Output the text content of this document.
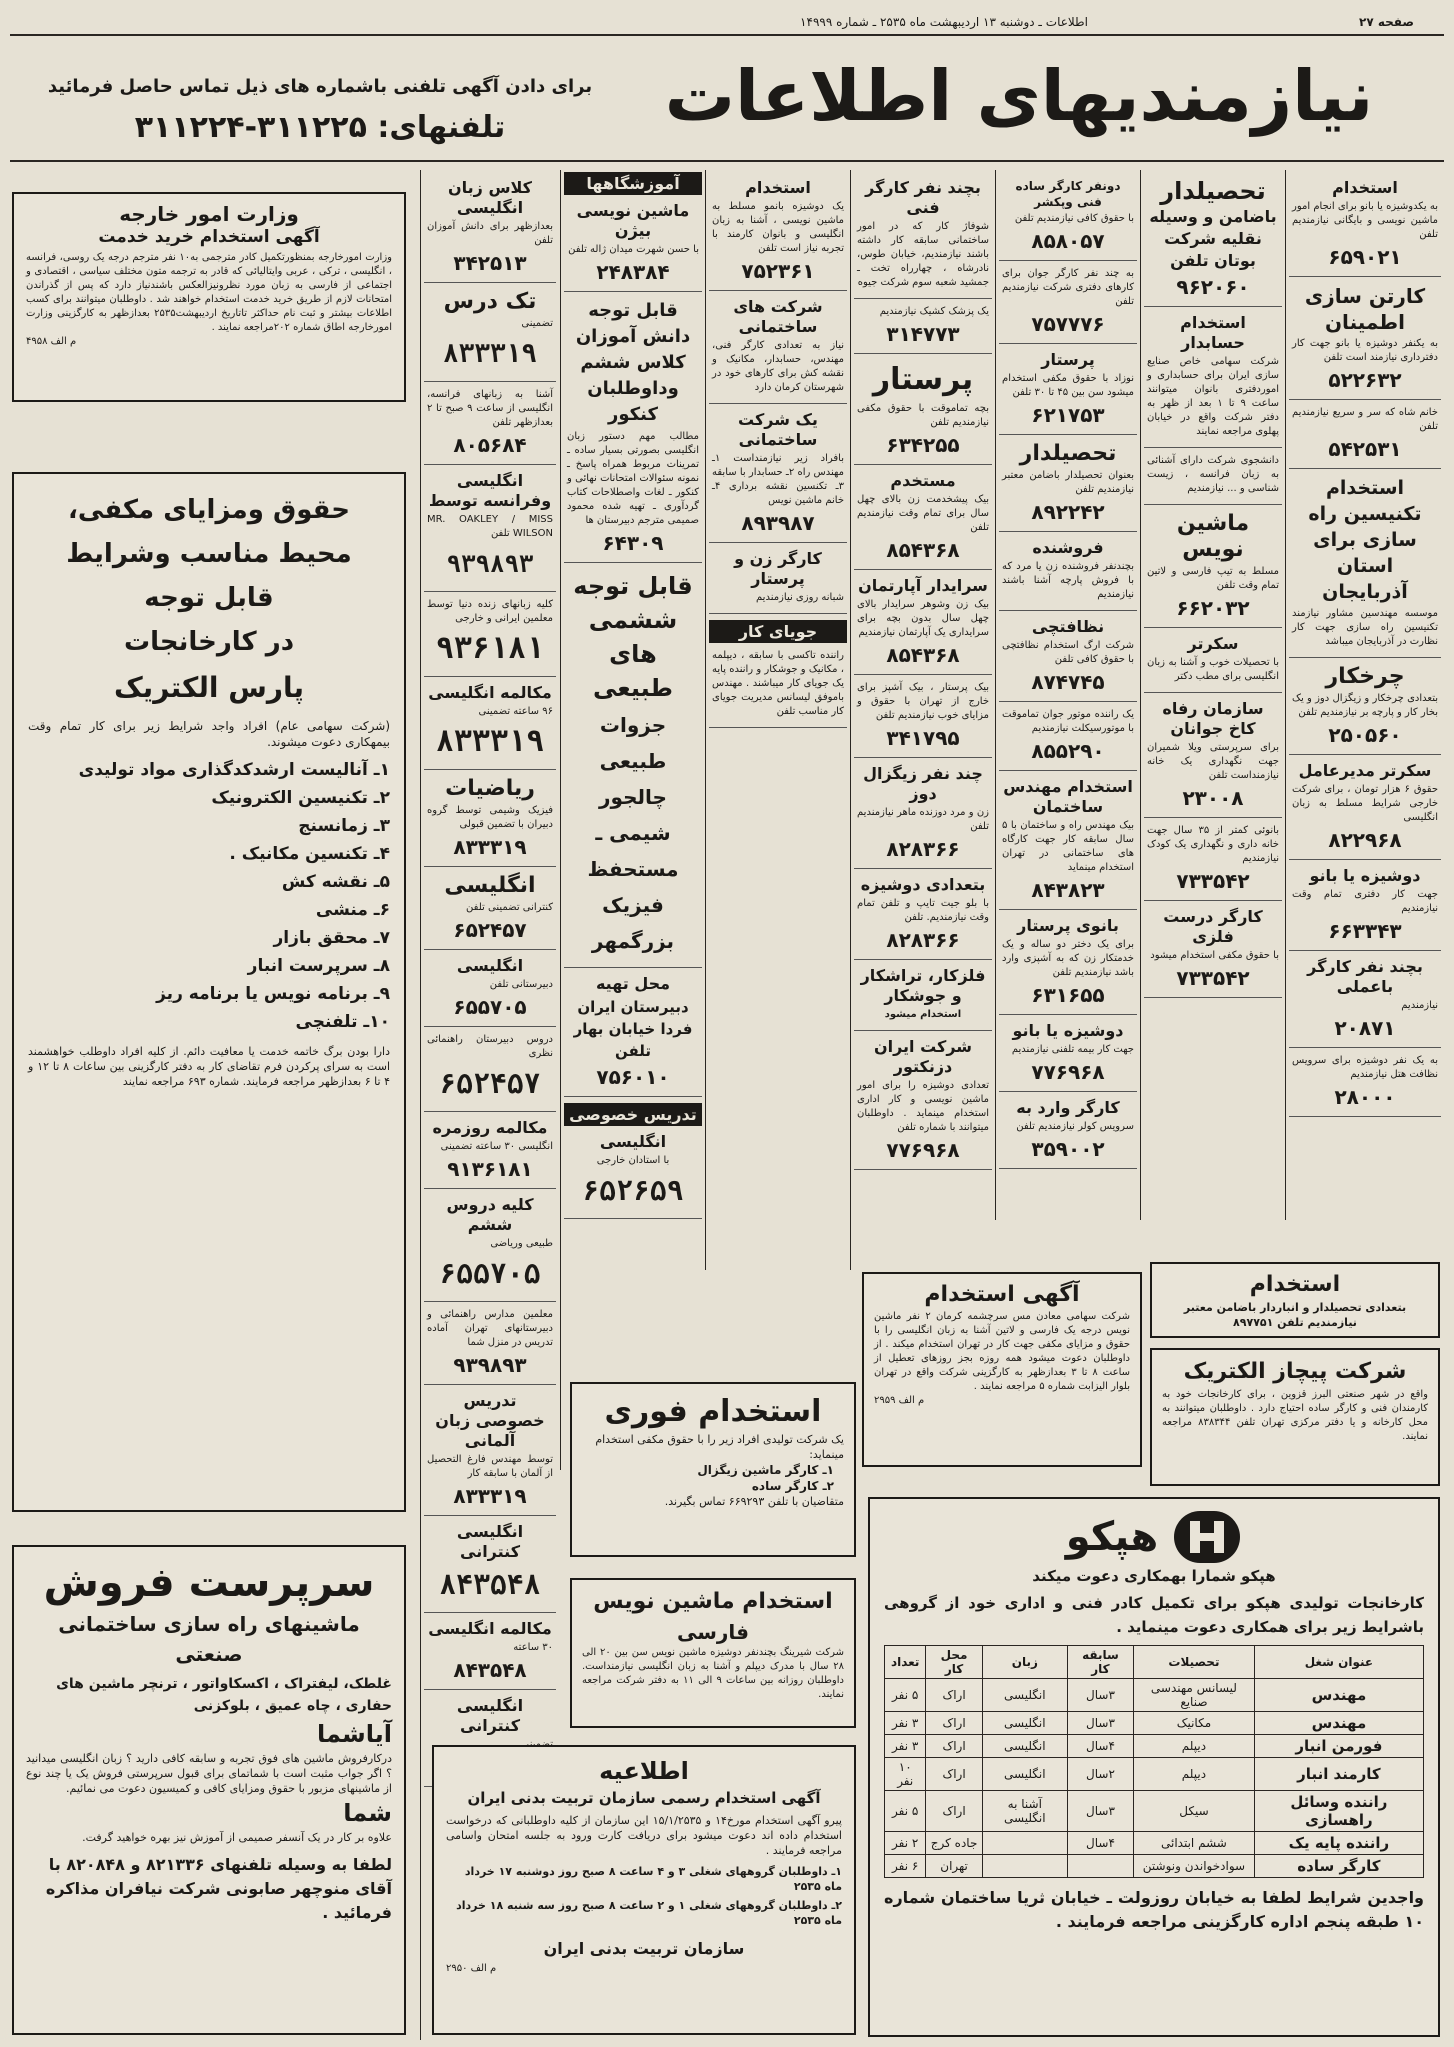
صفحه ۲۷
اطلاعات ـ دوشنبه ۱۳ اردیبهشت ماه ۲۵۳۵ ـ شماره ۱۴۹۹۹
نیازمندیهای اطلاعات
برای دادن آگهی تلفنی باشماره های ذیل تماس حاصل فرمائید
تلفنهای: ۳۱۱۲۲۵-۳۱۱۲۲۴
وزارت امور خارجه
آگهی استخدام خرید خدمت
وزارت امورخارجه بمنظورتکمیل کادر مترجمی به۱۰ نفر مترجم درجه یک روسی، فرانسه ، انگلیسی ، ترکی ، عربی وایتالیائی که قادر به ترجمه متون مختلف سیاسی ، اقتصادی و اجتماعی از فارسی به زبان مورد نظرونیزالعکس باشندنیاز دارد که پس از گذراندن امتحانات لازم از طریق خرید خدمت استخدام خواهند شد . داوطلبان میتوانند برای کسب اطلاعات بیشتر و ثبت نام حداکثر تاتاریخ اردیبهشت۲۵۳۵ بعدازظهر به کارگزینی وزارت امورخارجه اطاق شماره ۲۰۲مراجعه نمایند .
م الف ۴۹۵۸
حقوق ومزایای مکفی،
محیط مناسب وشرایط
قابل توجه
در کارخانجات
پارس الکتریک
(شرکت سهامی عام) افراد واجد شرایط زیر برای کار تمام وقت بیمهکاری دعوت میشوند.
۱ـ آنالیست ارشدکدگذاری مواد تولیدی
۲ـ تکنیسین الکترونیک
۳ـ زمانسنج
۴ـ تکنسین مکانیک .
۵ـ نقشه کش
۶ـ منشی
۷ـ محقق بازار
۸ـ سرپرست انبار
۹ـ برنامه نویس یا برنامه ریز
۱۰ـ تلفنچی
دارا بودن برگ خاتمه خدمت یا معافیت دائم. از کلیه افراد داوطلب خواهشمند است به سرای پرکردن فرم تقاضای کار به دفتر کارگزینی بین ساعات ۸ تا ۱۲ و ۴ تا ۶ بعدازظهر مراجعه فرمایند. شماره ۶۹۳ مراجعه نمایند
سرپرست فروش
ماشینهای راه سازی ساختمانی صنعتی
غلطک، لیفتراک ، اکسکاواتور ، ترنچر ماشین های حفاری ، چاه عمیق ، بلوکزنی
آیاشما
درکارفروش ماشین های فوق تجربه و سابقه کافی دارید ؟ زبان انگلیسی میدانید ؟ اگر جواب مثبت است با شماتمای برای قبول سرپرستی فروش یک یا چند نوع از ماشینهای مزبور با حقوق ومزایای کافی و کمیسیون دعوت می نمائیم.
شما
علاوه بر کار در یک آنسفر صمیمی از آموزش نیز بهره خواهید گرفت.
لطفا به وسیله تلفنهای ۸۲۱۳۳۶ و ۸۲۰۸۴۸ با آقای منوچهر صابونی شرکت نیافران مذاکره فرمائید .
کلاس زبان انگلیسی

بعدازظهر برای دانش آموزان تلفن

۳۴۲۵۱۳
تک درس

تضمینی

۸۳۳۳۱۹

آشنا به زبانهای فرانسه، انگلیسی از ساعت ۹ صبح تا ۲ بعدازظهر تلفن

۸۰۵۶۸۴
انگلیسی وفرانسه توسط

MR. OAKLEY / MISS WILSON تلفن

۹۳۹۸۹۳

کلیه زبانهای زنده دنیا توسط معلمین ایرانی و خارجی

۹۳۶۱۸۱
مکالمه انگلیسی

۹۶ ساعته تضمینی

۸۳۳۳۱۹
ریاضیات

فیزیک وشیمی توسط گروه دبیران با تضمین قبولی

۸۳۳۳۱۹
انگلیسی

کنترانی تضمینی تلفن

۶۵۲۴۵۷
انگلیسی

دبیرستانی تلفن

۶۵۵۷۰۵

دروس دبیرستان راهنمائی نظری

۶۵۲۴۵۷
مکالمه روزمره

انگلیسی ۳۰ ساعته تضمینی

۹۱۳۶۱۸۱
کلیه دروس ششم

طبیعی وریاضی

۶۵۵۷۰۵

معلمین مدارس راهنمائی و دبیرستانهای تهران آماده تدریس در منزل شما

۹۳۹۸۹۳
تدریس خصوصی زبان آلمانی

توسط مهندس فارغ التحصیل از آلمان با سابقه کار

۸۳۳۳۱۹
انگلیسی کنترانی
۸۴۳۵۴۸
مکالمه انگلیسی

۳۰ ساعته

۸۴۳۵۴۸
انگلیسی کنترانی

آموزشگاهها
ماشین نویسی بیژن

با حسن شهرت میدان ژاله تلفن

۲۴۸۳۸۴
قابل توجه دانش آموزان کلاس ششم وداوطلبان کنکور

مطالب مهم دستور زبان انگلیسی بصورتی بسیار ساده ـ تمرینات مربوط همراه پاسخ ـ نمونه سئوالات امتحانات نهائی و کنکور ـ لغات واصطلاحات کتاب گردآوری ـ تهیه شده محمود صمیمی مترجم دبیرستان ها

۶۴۳۰۹
قابل توجه ششمی های طبیعی

جزوات طبیعی چالجور شیمی ـ مستحفظ فیزیک بزرگمهر

محل تهیه

دبیرستان ایران فردا خیابان بهار تلفن

۷۵۶۰۱۰
تدریس خصوصی
انگلیسی

با استادان خارجی

۶۵۲۶۵۹
استخدام

یک دوشیزه بانمو مسلط به ماشین نویسی ، آشنا به زبان انگلیسی و بانوان کارمند با تجربه نیاز است تلفن

۷۵۲۳۶۱
شرکت های ساختمانی

نیاز به تعدادی کارگر فنی، مهندس، حسابدار، مکانیک و نقشه کش برای کارهای خود در شهرستان کرمان دارد

یک شرکت ساختمانی

بافراد زیر نیازمنداست ۱ـ مهندس راه ۲ـ حسابدار با سابقه ۳ـ تکنسین نقشه برداری ۴ـ خانم ماشین نویس

۸۹۳۹۸۷
کارگر زن و پرستار

شبانه روزی نیازمندیم

جویای کار

راننده تاکسی با سابقه ، دیپلمه ، مکانیک و جوشکار و راننده پایه یک جویای کار میباشند . مهندس باموفق لیسانس مدیریت جویای کار مناسب تلفن

بچند نفر کارگر فنی

شوفاژ کار که در امور ساختمانی سابقه کار داشته باشند نیازمندیم، خیابان طوس، نادرشاه ، چهارراه تخت ـ جمشید شعبه سوم شرکت جیوه

یک پزشک کشیک نیازمندیم

۳۱۴۷۷۳
پرستار

بچه تماموقت با حقوق مکفی نیازمندیم تلفن

۶۳۴۲۵۵
مستخدم

بیک پیشخدمت زن بالای چهل سال برای تمام وقت نیازمندیم تلفن

۸۵۴۳۶۸
سرایدار آپارتمان

بیک زن وشوهر سرایدار بالای چهل سال بدون بچه برای سرایداری یک آپارتمان نیازمندیم

۸۵۴۳۶۸

بیک پرستار ، بیک آشپز برای خارج از تهران با حقوق و مزایای خوب نیازمندیم تلفن

۳۴۱۷۹۵
چند نفر زیگزال دوز

زن و مرد دوزنده ماهر نیازمندیم تلفن

۸۲۸۳۶۶
بتعدادی دوشیزه

با بلو جیت تایپ و تلفن تمام وقت نیازمندیم. تلفن

۸۲۸۳۶۶
فلزکار، تراشکار و جوشکار

استخدام میشود

شرکت ایران دزنکتور

تعدادی دوشیزه را برای امور ماشین نویسی و کار اداری استخدام مینماید . داوطلبان میتوانند با شماره تلفن

۷۷۶۹۶۸
دونفر کارگر ساده فنی وپکشر

با حقوق کافی نیازمندیم تلفن

۸۵۸۰۵۷

به چند نفر کارگر جوان برای کارهای دفتری شرکت نیازمندیم تلفن

۷۵۷۷۷۶
پرستار

نوزاد با حقوق مکفی استخدام میشود سن بین ۴۵ تا ۳۰ تلفن

۶۲۱۷۵۳
تحصیلدار

بعنوان تحصیلدار باضامن معتبر نیازمندیم تلفن

۸۹۲۲۴۲
فروشنده

بچندنفر فروشنده زن یا مرد که با فروش پارچه آشنا باشند نیازمندیم

نظافتچی

شرکت ارگ استخدام نظافتچی با حقوق کافی تلفن

۸۷۴۷۴۵

یک راننده موتور جوان تماموقت با موتورسیکلت نیازمندیم

۸۵۵۲۹۰
استخدام مهندس ساختمان

بیک مهندس راه و ساختمان با ۵ سال سابقه کار جهت کارگاه های ساختمانی در تهران استخدام مینماید

۸۴۳۸۲۳
بانوی پرستار

برای یک دختر دو ساله و یک خدمتکار زن که به آشپزی وارد باشد نیازمندیم تلفن

۶۳۱۶۵۵
دوشیزه یا بانو

جهت کار بیمه تلفنی نیازمندیم

۷۷۶۹۶۸
کارگر وارد به

سرویس کولر نیازمندیم تلفن

۳۵۹۰۰۲
تحصیلدار

باضامن و وسیله نقلیه شرکت بوتان تلفن

۹۶۲۰۶۰
استخدام حسابدار

شرکت سهامی خاص صنایع سازی ایران برای حسابداری و اموردفتری بانوان میتوانند ساعت ۹ تا ۱ بعد از ظهر به دفتر شرکت واقع در خیابان پهلوی مراجعه نمایند

دانشجوی شرکت دارای آشنائی به زبان فرانسه ، زیست شناسی و ... نیازمندیم

ماشین نویس

مسلط به تیپ فارسی و لاتین تمام وقت تلفن

۶۶۲۰۳۲
سکرتر

با تحصیلات خوب و آشنا به زبان انگلیسی برای مطب دکتر

سازمان رفاه کاخ جوانان

برای سرپرستی ویلا شمیران جهت نگهداری یک خانه نیازمنداست تلفن

۲۳۰۰۸

بانوئی کمتر از ۳۵ سال جهت خانه داری و نگهداری یک کودک نیازمندیم

۷۳۳۵۴۲
کارگر درست فلزی

با حقوق مکفی استخدام میشود

۷۳۳۵۴۲
استخدام

به یکدوشیزه یا بانو برای انجام امور ماشین نویسی و بایگانی نیازمندیم تلفن

۶۵۹۰۲۱
کارتن سازی اطمینان

به یکنفر دوشیزه یا بانو جهت کار دفترداری نیازمند است تلفن

۵۲۲۶۳۲

خانم شاه که سر و سریع نیازمندیم تلفن

۵۴۲۵۳۱
استخدام تکنیسین راه سازی برای استان آذربایجان

موسسه مهندسین مشاور نیازمند تکنیسین راه سازی جهت کار نظارت در آذربایجان میباشد

چرخکار

بتعدادی چرخکار و زیگزال دوز و یک بخار کار و پارچه بر نیازمندیم تلفن

۲۵۰۵۶۰
سکرتر مدیرعامل

حقوق ۶ هزار تومان ، برای شرکت خارجی شرایط مسلط به زبان انگلیسی

۸۲۲۹۶۸
دوشیزه یا بانو

جهت کار دفتری تمام وقت نیازمندیم

۶۶۳۳۴۳
بچند نفر کارگر باعملی

نیازمندیم

۲۰۸۷۱

به یک نفر دوشیزه برای سرویس نظافت هتل نیازمندیم

۲۸۰۰۰
آگهی استخدام
شرکت سهامی معادن مس سرچشمه کرمان ۲ نفر ماشین نویس درجه یک فارسی و لاتین آشنا به زبان انگلیسی را با حقوق و مزایای مکفی جهت کار در تهران استخدام میکند . از داوطلبان دعوت میشود همه روزه بجز روزهای تعطیل از ساعت ۸ تا ۳ بعدازظهر به کارگزینی شرکت واقع در تهران بلوار الیزابت شماره ۵ مراجعه نمایند .
م الف ۲۹۵۹
استخدام فوری
یک شرکت تولیدی افراد زیر را با حقوق مکفی استخدام مینماید:
۱ـ کارگر ماشین زیگزال
۲ـ کارگر ساده
متقاضیان با تلفن ۶۶۹۲۹۳ تماس بگیرند.
استخدام ماشین نویس
فارسی
شرکت شیرینگ بچندنفر دوشیزه ماشین نویس سن بین ۲۰ الی ۲۸ سال با مدرک دیپلم و آشنا به زبان انگلیسی نیازمنداست. داوطلبان روزانه بین ساعات ۹ الی ۱۱ به دفتر شرکت مراجعه نمایند.
اطلاعیه
آگهی استخدام رسمی سازمان تربیت بدنی ایران
پیرو آگهی استخدام مورخ۱۴ و ۱۵/۱/۲۵۳۵ این سازمان از کلیه داوطلبانی که درخواست استخدام داده اند دعوت میشود برای دریافت کارت ورود به جلسه امتحان واسامی مراجعه فرمایند .
۱ـ داوطلبان گروههای شغلی ۳ و ۴ ساعت ۸ صبح روز دوشنبه ۱۷ خرداد ماه ۲۵۳۵
۲ـ داوطلبان گروههای شغلی ۱ و ۲ ساعت ۸ صبح روز سه شنبه ۱۸ خرداد ماه ۲۵۳۵
سازمان تربیت بدنی ایران
م الف ۲۹۵۰
استخدام
بتعدادی تحصیلدار و انباردار باضامن معتبر نیازمندیم تلفن ۸۹۷۷۵۱
شرکت پیچاز الکتریک
واقع در شهر صنعتی البرز قزوین ، برای کارخانجات خود به کارمندان فنی و کارگر ساده احتیاج دارد . داوطلبان میتوانند به محل کارخانه و یا دفتر مرکزی تهران تلفن ۸۳۸۳۴۴ مراجعه نمایند.
هپکو
هپکو شمارا بهمکاری دعوت میکند
کارخانجات تولیدی هپکو برای تکمیل کادر فنی و اداری خود از گروهی باشرایط زیر برای همکاری دعوت مینماید .
عنوان شغل	تحصیلات	سابقه کار	زبان	محل کار	تعداد
مهندس	لیسانس مهندسی صنایع	۳سال	انگلیسی	اراک	۵ نفر
مهندس	مکانیک	۳سال	انگلیسی	اراک	۳ نفر
فورمن انبار	دیپلم	۴سال	انگلیسی	اراک	۳ نفر
کارمند انبار	دیپلم	۲سال	انگلیسی	اراک	۱۰ نفر
راننده وسائل راهسازی	سیکل	۳سال	آشنا به انگلیسی	اراک	۵ نفر
راننده پایه یک	ششم ابتدائی	۴سال		جاده کرج	۲ نفر
کارگر ساده	سوادخواندن ونوشتن			تهران	۶ نفر
واجدین شرایط لطفا به خیابان روزولت ـ خیابان ثریا ساختمان شماره ۱۰ طبقه پنجم اداره کارگزینی مراجعه فرمایند .
